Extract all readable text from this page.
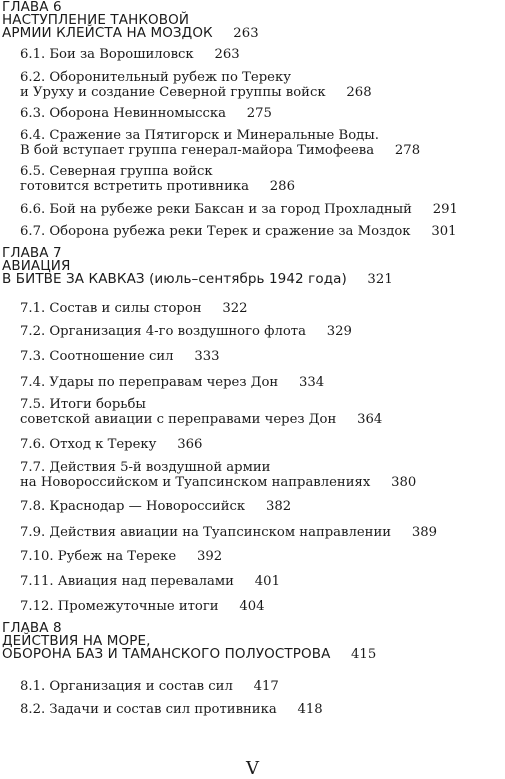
ГЛАВА 6
НАСТУПЛЕНИЕ ТАНКОВОЙ
АРМИИ КЛЕЙСТА НА МОЗДОК	263
6.1. Бои за Ворошиловск	263
6.2. Оборонительный рубеж по Тереку
и Уруху и создание Северной группы войск	268
6.3. Оборона Невинномысска	275
6.4. Сражение за Пятигорск и Минеральные Воды.
В бой вступает группа генерал-майора Тимофеева	278
6.5. Северная группа войск
готовится встретить противника	286
6.6. Бой на рубеже реки Баксан и за город Прохладный	291
6.7. Оборона рубежа реки Терек и сражение за Моздок	301
ГЛАВА 7
АВИАЦИЯ
В БИТВЕ ЗА КАВКАЗ (июль–сентябрь 1942 года)	321
7.1. Состав и силы сторон	322
7.2. Организация 4-го воздушного флота	329
7.3. Соотношение сил	333
7.4. Удары по переправам через Дон	334
7.5. Итоги борьбы
советской авиации с переправами через Дон	364
7.6. Отход к Тереку	366
7.7. Действия 5-й воздушной армии
на Новороссийском и Туапсинском направлениях	380
7.8. Краснодар — Новороссийск	382
7.9. Действия авиации на Туапсинском направлении	389
7.10. Рубеж на Тереке	392
7.11. Авиация над перевалами	401
7.12. Промежуточные итоги	404
ГЛАВА 8
ДЕЙСТВИЯ НА МОРЕ,
ОБОРОНА БАЗ И ТАМАНСКОГО ПОЛУОСТРОВА	415
8.1. Организация и состав сил	417
8.2. Задачи и состав сил противника	418
V
